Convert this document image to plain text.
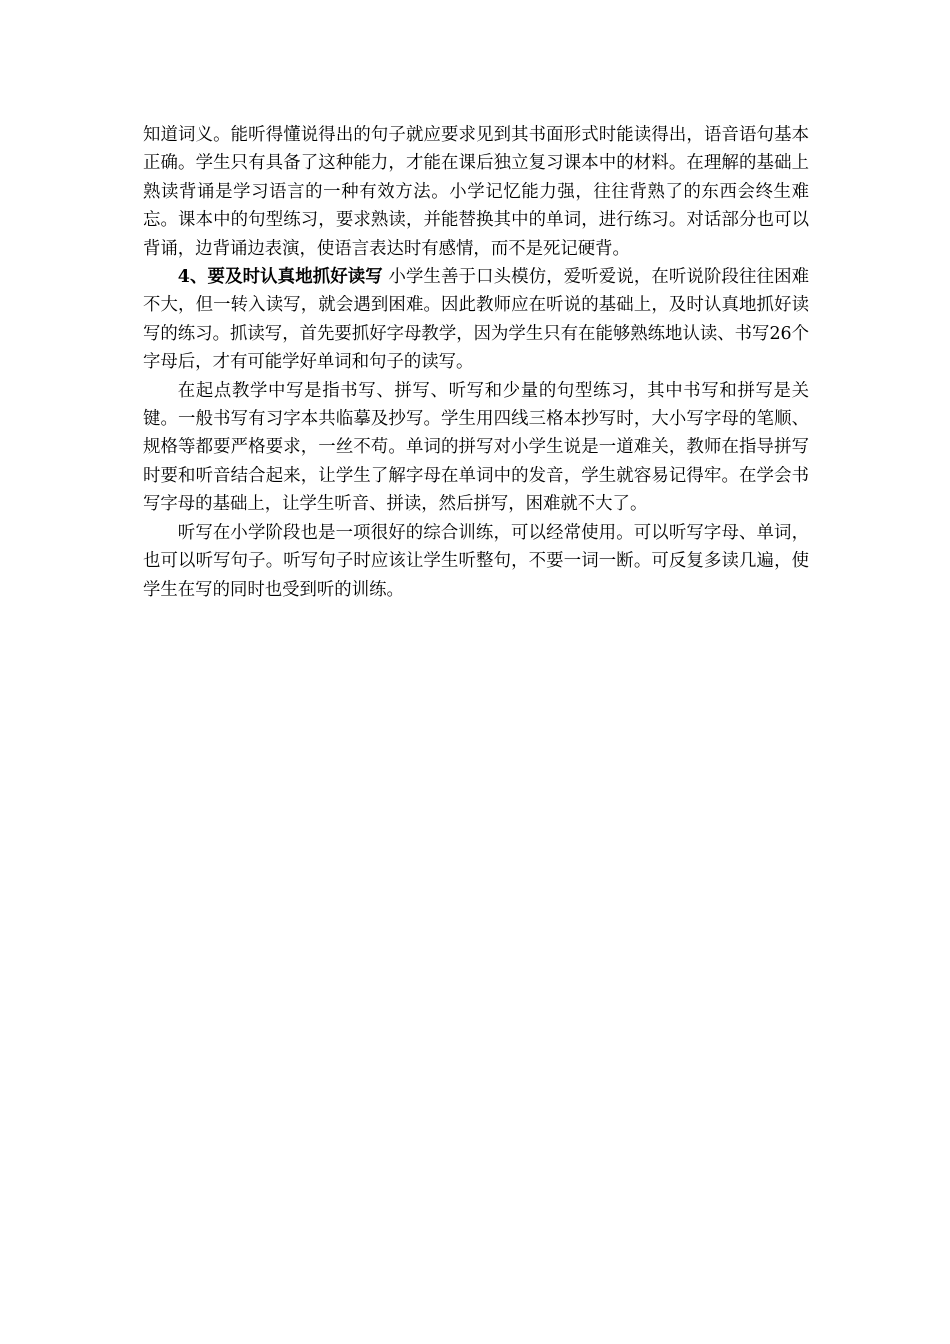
知道词义。能听得懂说得出的句子就应要求见到其书面形式时能读得出，语音语句基本正确。学生只有具备了这种能力，才能在课后独立复习课本中的材料。在理解的基础上熟读背诵是学习语言的一种有效方法。小学记忆能力强，往往背熟了的东西会终生难忘。课本中的句型练习，要求熟读，并能替换其中的单词，进行练习。对话部分也可以背诵，边背诵边表演，使语言表达时有感情，而不是死记硬背。

4、要及时认真地抓好读写 小学生善于口头模仿，爱听爱说，在听说阶段往往困难不大，但一转入读写，就会遇到困难。因此教师应在听说的基础上，及时认真地抓好读写的练习。抓读写，首先要抓好字母教学，因为学生只有在能够熟练地认读、书写26个字母后，才有可能学好单词和句子的读写。

在起点教学中写是指书写、拼写、听写和少量的句型练习，其中书写和拼写是关键。一般书写有习字本共临摹及抄写。学生用四线三格本抄写时，大小写字母的笔顺、规格等都要严格要求，一丝不苟。单词的拼写对小学生说是一道难关，教师在指导拼写时要和听音结合起来，让学生了解字母在单词中的发音，学生就容易记得牢。在学会书写字母的基础上，让学生听音、拼读，然后拼写，困难就不大了。

听写在小学阶段也是一项很好的综合训练，可以经常使用。可以听写字母、单词，也可以听写句子。听写句子时应该让学生听整句，不要一词一断。可反复多读几遍，使学生在写的同时也受到听的训练。
